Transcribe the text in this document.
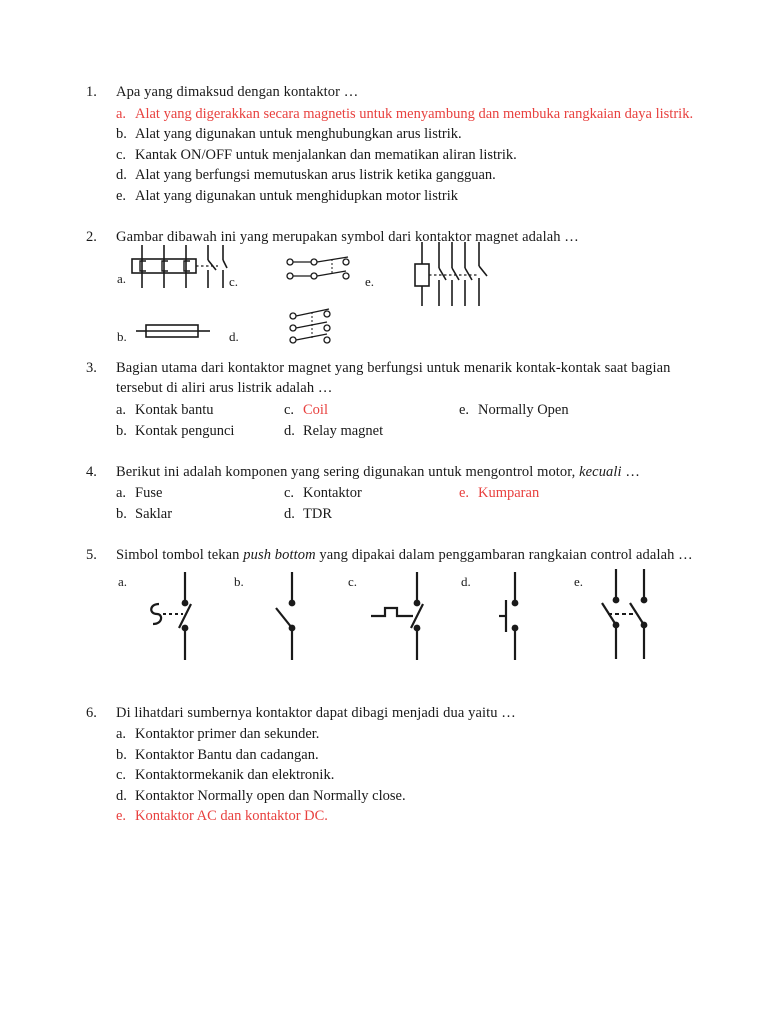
1.	Apa yang dimaksud dengan kontaktor …
a. Alat yang digerakkan secara magnetis untuk menyambung dan membuka rangkaian daya listrik.
b. Alat yang digunakan untuk menghubungkan arus listrik.
c. Kantak ON/OFF untuk menjalankan dan mematikan aliran listrik.
d. Alat yang berfungsi memutuskan arus listrik ketika gangguan.
e. Alat yang digunakan untuk menghidupkan motor listrik
2.	Gambar dibawah ini yang merupakan symbol dari kontaktor magnet adalah …
a.	c.	e.
b.	d.
3.	Bagian utama dari kontaktor magnet yang berfungsi untuk menarik kontak-kontak saat bagian tersebut di aliri arus listrik adalah …
a. Kontak bantu	c. Coil	e. Normally Open
b. Kontak pengunci	d. Relay magnet
4.	Berikut ini adalah komponen yang sering digunakan untuk mengontrol motor, kecuali …
a. Fuse	c. Kontaktor	e. Kumparan
b. Saklar	d. TDR
5.	Simbol tombol tekan push bottom yang dipakai dalam penggambaran rangkaian control adalah …
a.	b.	c.	d.	e.
6.	Di lihatdari sumbernya kontaktor dapat dibagi menjadi dua yaitu …
a. Kontaktor primer dan sekunder.
b. Kontaktor Bantu dan cadangan.
c. Kontaktormekanik dan elektronik.
d. Kontaktor Normally open dan Normally close.
e. Kontaktor AC dan kontaktor DC.
